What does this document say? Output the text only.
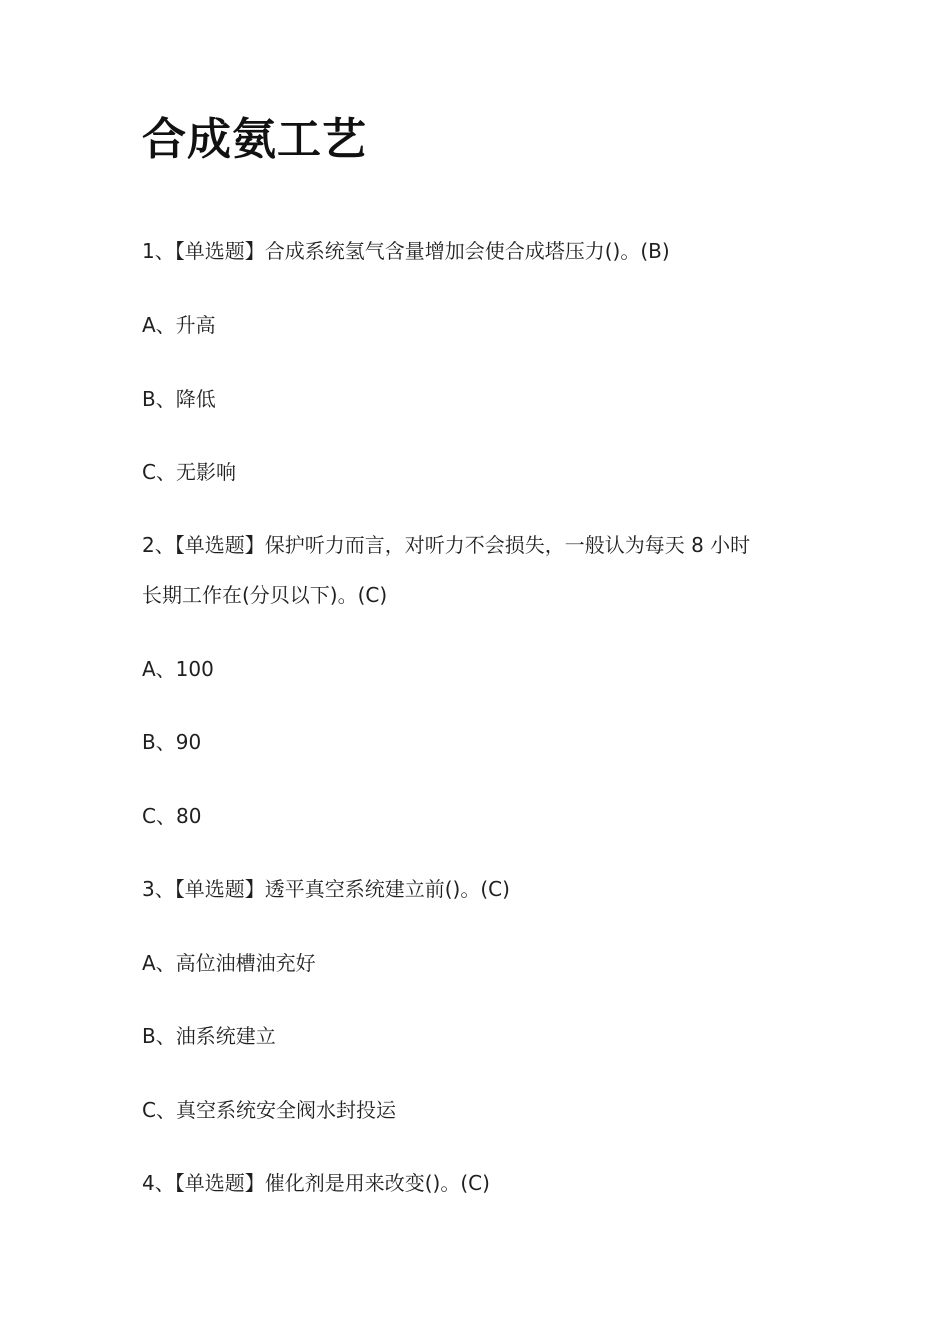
合成氨工艺

1、【单选题】合成系统氢气含量增加会使合成塔压力()。(B)

A、升高

B、降低

C、无影响

2、【单选题】保护听力而言，对听力不会损失，一般认为每天 8 小时

长期工作在(分贝以下)。(C)

A、100

B、90

C、80

3、【单选题】透平真空系统建立前()。(C)

A、高位油槽油充好

B、油系统建立

C、真空系统安全阀水封投运

4、【单选题】催化剂是用来改变()。(C)
